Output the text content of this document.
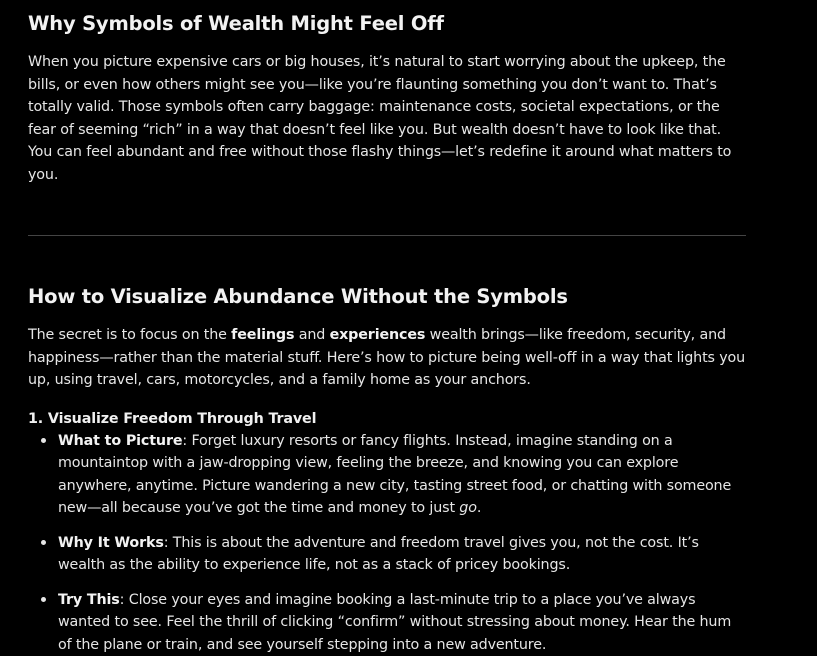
Why Symbols of Wealth Might Feel Off

When you picture expensive cars or big houses, it’s natural to start worrying about the upkeep, the bills, or even how others might see you—like you’re flaunting something you don’t want to. That’s totally valid. Those symbols often carry baggage: maintenance costs, societal expectations, or the fear of seeming “rich” in a way that doesn’t feel like you. But wealth doesn’t have to look like that. You can feel abundant and free without those flashy things—let’s redefine it around what matters to you.

How to Visualize Abundance Without the Symbols

The secret is to focus on the feelings and experiences wealth brings—like freedom, security, and happiness—rather than the material stuff. Here’s how to picture being well-off in a way that lights you up, using travel, cars, motorcycles, and a family home as your anchors.

1. Visualize Freedom Through Travel

What to Picture: Forget luxury resorts or fancy flights. Instead, imagine standing on a mountaintop with a jaw-dropping view, feeling the breeze, and knowing you can explore anywhere, anytime. Picture wandering a new city, tasting street food, or chatting with someone new—all because you’ve got the time and money to just go.

Why It Works: This is about the adventure and freedom travel gives you, not the cost. It’s wealth as the ability to experience life, not as a stack of pricey bookings.

Try This: Close your eyes and imagine booking a last-minute trip to a place you’ve always wanted to see. Feel the thrill of clicking “confirm” without stressing about money. Hear the hum of the plane or train, and see yourself stepping into a new adventure.
